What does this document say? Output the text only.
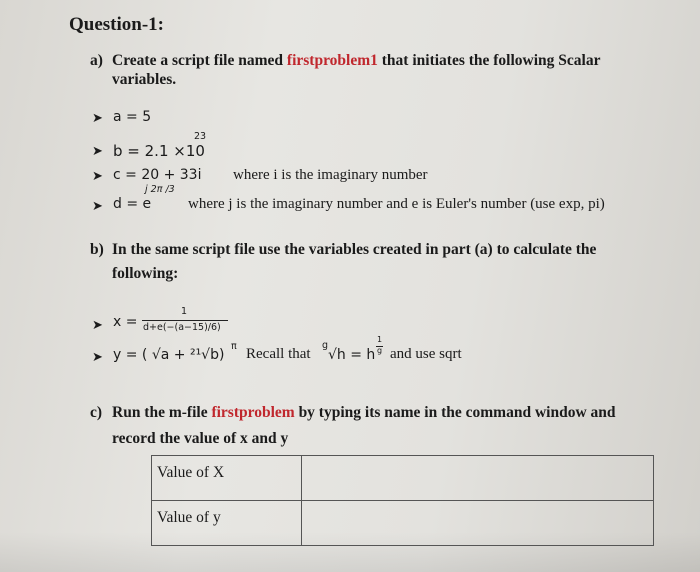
Question-1:
a) Create a script file named firstproblem1 that initiates the following Scalar
variables.
➤ a = 5
➤ b = 2.1 ×10
23
➤ c = 20 + 33i where i is the imaginary number
j 2π /3
➤ d = e where j is the imaginary number and e is Euler's number (use exp, pi)
b) In the same script file use the variables created in part (a) to calculate the
following:
➤ x =
1
d+e(−(a−15)/6)
➤ y = ( √a + ²¹√b)
π Recall that
g
√h = h
1
g and use sqrt
c) Run the m-file firstproblem by typing its name in the command window and
record the value of x and y
Value of X	
Value of y	
